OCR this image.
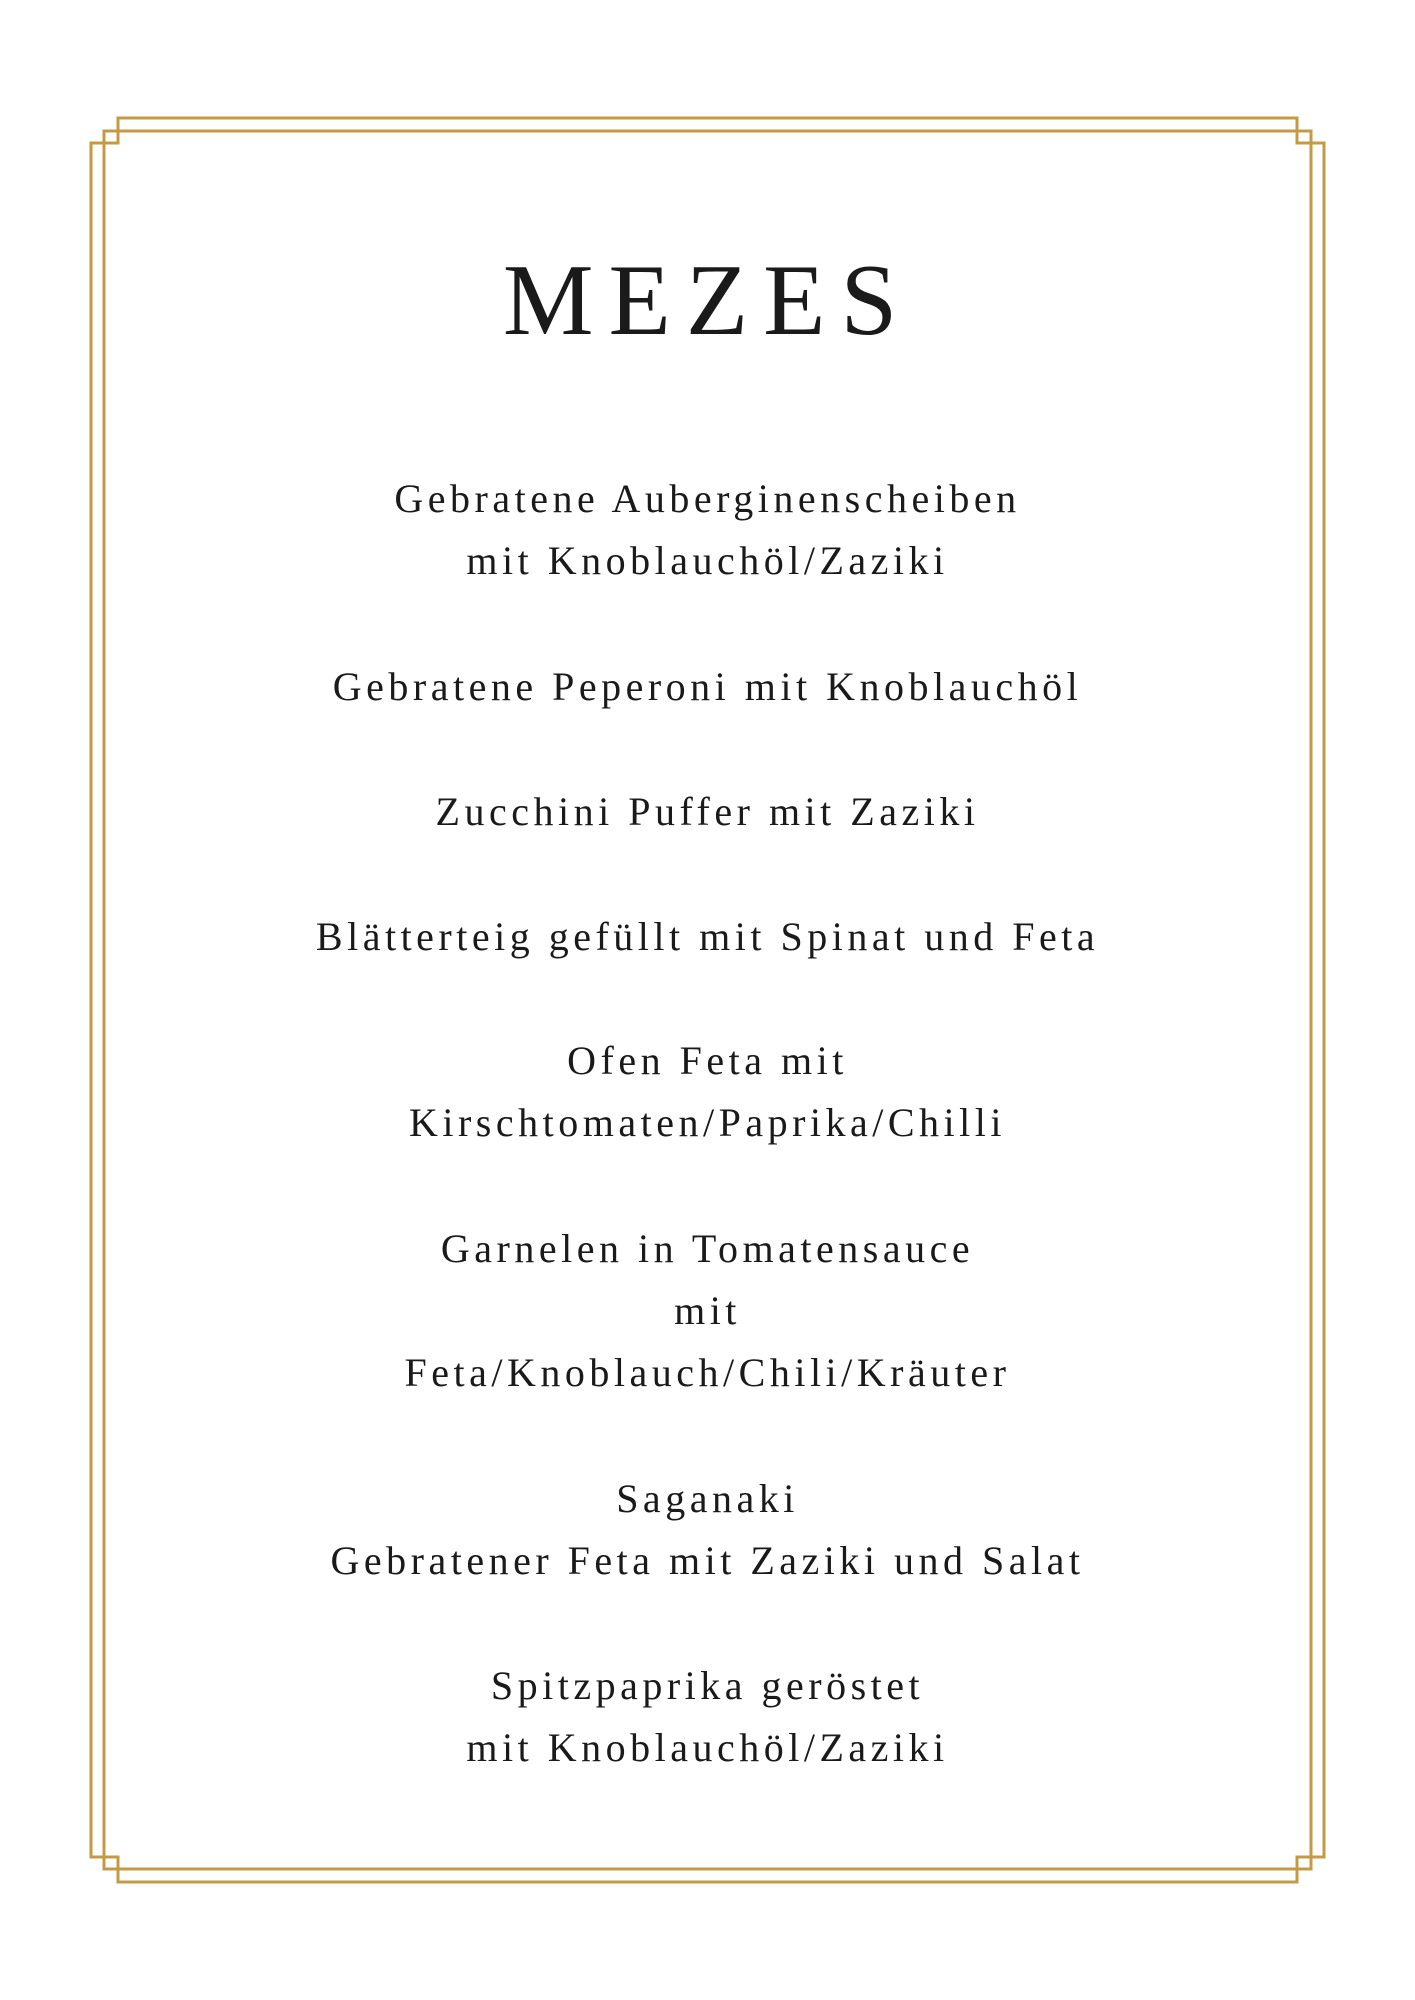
MEZES
Gebratene Auberginenscheiben
mit Knoblauchöl/Zaziki
Gebratene Peperoni mit Knoblauchöl
Zucchini Puffer mit Zaziki
Blätterteig gefüllt mit Spinat und Feta
Ofen Feta mit
Kirschtomaten/Paprika/Chilli
Garnelen in Tomatensauce
mit
Feta/Knoblauch/Chili/Kräuter
Saganaki
Gebratener Feta mit Zaziki und Salat
Spitzpaprika geröstet
mit Knoblauchöl/Zaziki
